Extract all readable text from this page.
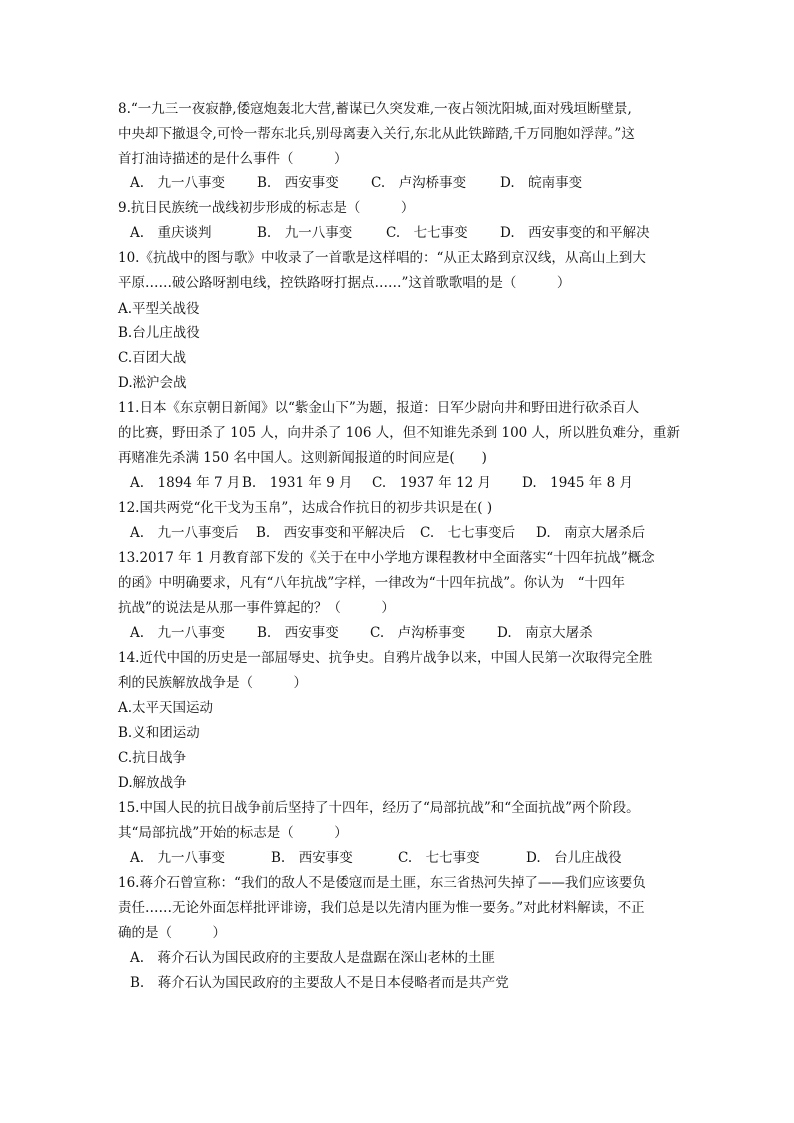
8.“一九三一夜寂静,倭寇炮轰北大营,蓄谋已久突发难,一夜占领沈阳城,面对残垣断壁景,
中央却下撤退令,可怜一帮东北兵,别母离妻入关行,东北从此铁蹄踏,千万同胞如浮萍。”这
首打油诗描述的是什么事件（　　　）
A.　九一八事变 B.　西安事变 C.　卢沟桥事变	D.　皖南事变
9.抗日民族统一战线初步形成的标志是（　　　）
A.　重庆谈判	B.　九一八事变	C.　七七事变 D.　西安事变的和平解决
10.《抗战中的图与歌》中收录了一首歌是这样唱的：“从正太路到京汉线，从高山上到大
平原……破公路呀割电线，控铁路呀打据点……”这首歌歌唱的是（　　　）
A.平型关战役
B.台儿庄战役
C.百团大战
D.淞沪会战
11.日本《东京朝日新闻》以“紫金山下”为题，报道：日军少尉向井和野田进行砍杀百人
的比赛，野田杀了 105 人，向井杀了 106 人，但不知谁先杀到 100 人，所以胜负难分，重新
再赌准先杀满 150 名中国人。这则新闻报道的时间应是(　　)
A.　1894 年 7 月 B.　1931 年 9 月 C.　1937 年 12 月 D.　1945 年 8 月
12.国共两党“化干戈为玉帛”，达成合作抗日的初步共识是在( )
A.　九一八事变后 B.　西安事变和平解决后 C.　七七事变后 D.　南京大屠杀后
13.2017 年 1 月教育部下发的《关于在中小学地方课程教材中全面落实“十四年抗战”概念
的函》中明确要求，凡有“八年抗战”字样，一律改为“十四年抗战”。你认为　“十四年
抗战”的说法是从那一事件算起的？（　　　）
A.　九一八事变 B.　西安事变 C.　卢沟桥事变 D.　南京大屠杀
14.近代中国的历史是一部屈辱史、抗争史。自鸦片战争以来，中国人民第一次取得完全胜
利的民族解放战争是（　　　）
A.太平天国运动
B.义和团运动
C.抗日战争
D.解放战争
15.中国人民的抗日战争前后坚持了十四年，经历了“局部抗战”和“全面抗战”两个阶段。
其“局部抗战”开始的标志是（　　　）
A.　九一八事变	B.　西安事变	C.　七七事变	D.　台儿庄战役
16.蒋介石曾宣称：“我们的敌人不是倭寇而是土匪，东三省热河失掉了——我们应该要负
责任……无论外面怎样批评诽谤，我们总是以先清内匪为惟一要务。”对此材料解读，不正
确的是（　　　）
A.　蒋介石认为国民政府的主要敌人是盘踞在深山老林的土匪
B.　蒋介石认为国民政府的主要敌人不是日本侵略者而是共产党
